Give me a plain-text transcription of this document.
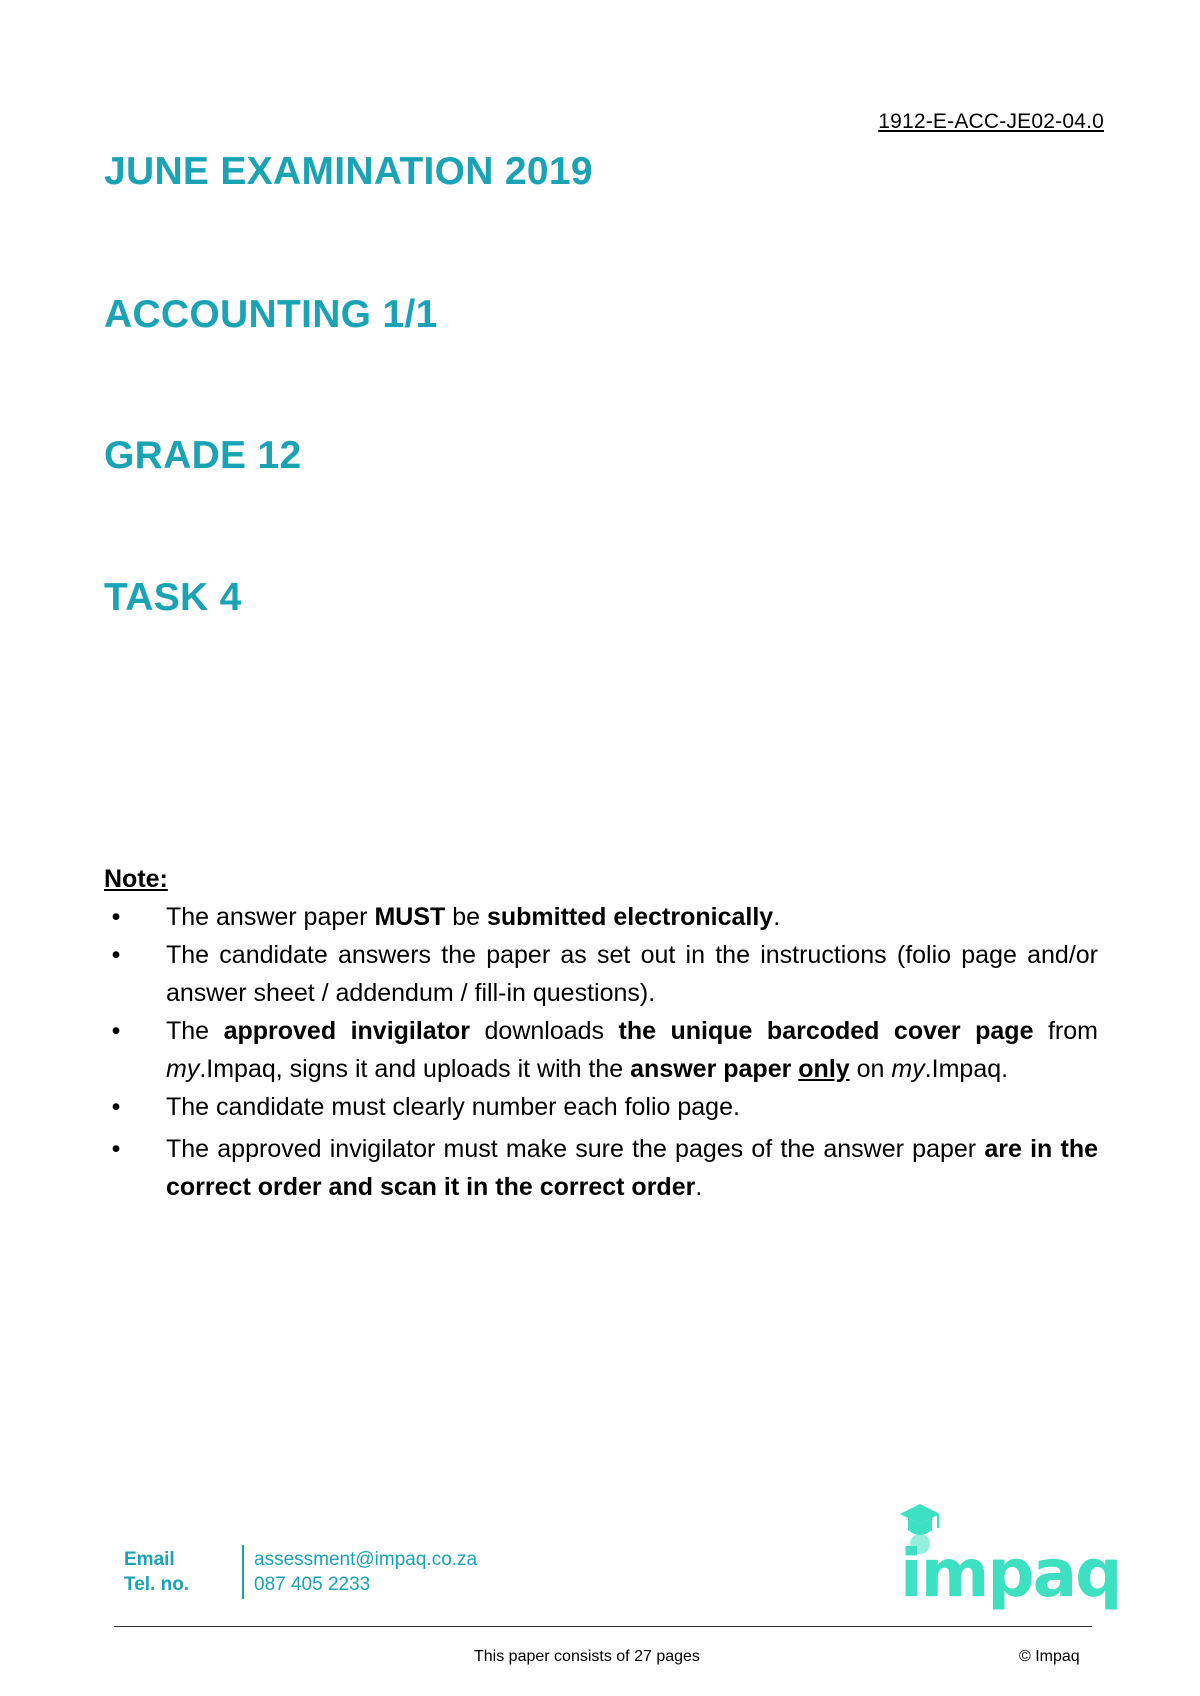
1912-E-ACC-JE02-04.0
JUNE EXAMINATION 2019
ACCOUNTING 1/1
GRADE 12
TASK 4
Note:
• The answer paper MUST be submitted electronically.
• The candidate answers the paper as set out in the instructions (folio page and/or answer sheet / addendum / fill-in questions).
• The approved invigilator downloads the unique barcoded cover page from my.Impaq, signs it and uploads it with the answer paper only on my.Impaq.
• The candidate must clearly number each folio page.
• The approved invigilator must make sure the pages of the answer paper are in the correct order and scan it in the correct order.
Email
Tel. no.
assessment@impaq.co.za
087 405 2233	impaq
This paper consists of 27 pages	© Impaq
